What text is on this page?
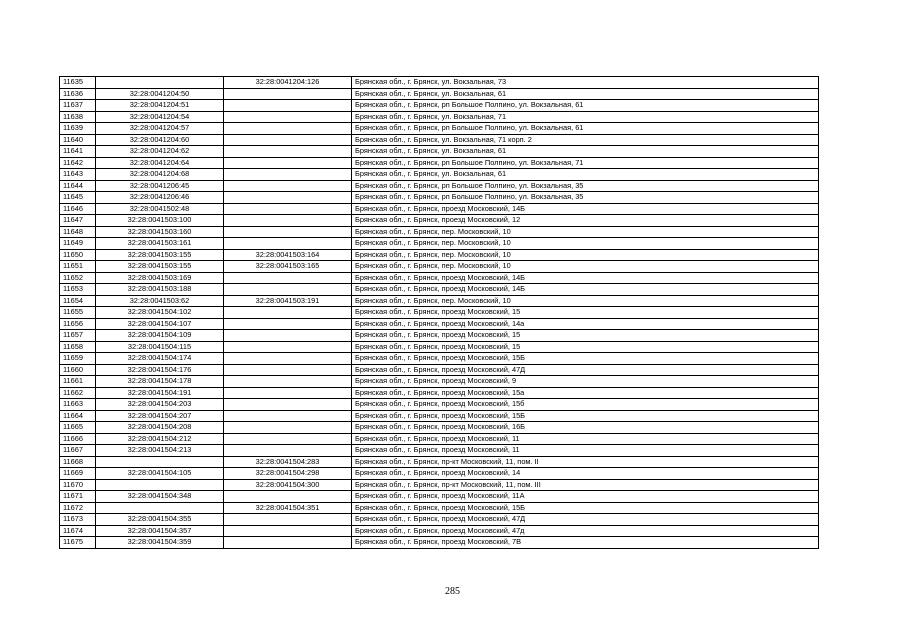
11635		32:28:0041204:126	Брянская обл., г. Брянск, ул. Вокзальная, 73
11636	32:28:0041204:50		Брянская обл., г. Брянск, ул. Вокзальная, 61
11637	32:28:0041204:51		Брянская обл., г. Брянск, рп Большое Полпино, ул. Вокзальная, 61
11638	32:28:0041204:54		Брянская обл., г. Брянск, ул. Вокзальная, 71
11639	32:28:0041204:57		Брянская обл., г. Брянск, рп Большое Полпино, ул. Вокзальная, 61
11640	32:28:0041204:60		Брянская обл., г. Брянск, ул. Вокзальная, 71 корп. 2
11641	32:28:0041204:62		Брянская обл., г. Брянск, ул. Вокзальная, 61
11642	32:28:0041204:64		Брянская обл., г. Брянск, рп Большое Полпино, ул. Вокзальная, 71
11643	32:28:0041204:68		Брянская обл., г. Брянск, ул. Вокзальная, 61
11644	32:28:0041206:45		Брянская обл., г. Брянск, рп Большое Полпино, ул. Вокзальная, 35
11645	32:28:0041206:46		Брянская обл., г. Брянск, рп Большое Полпино, ул. Вокзальная, 35
11646	32:28:0041502:48		Брянская обл., г. Брянск, проезд Московский, 14Б
11647	32:28:0041503:100		Брянская обл., г. Брянск, проезд Московский, 12
11648	32:28:0041503:160		Брянская обл., г. Брянск, пер. Московский, 10
11649	32:28:0041503:161		Брянская обл., г. Брянск, пер. Московский, 10
11650	32:28:0041503:155	32:28:0041503:164	Брянская обл., г. Брянск, пер. Московский, 10
11651	32:28:0041503:155	32:28:0041503:165	Брянская обл., г. Брянск, пер. Московский, 10
11652	32:28:0041503:169		Брянская обл., г. Брянск, проезд Московский, 14Б
11653	32:28:0041503:188		Брянская обл., г. Брянск, проезд Московский, 14Б
11654	32:28:0041503:62	32:28:0041503:191	Брянская обл., г. Брянск, пер. Московский, 10
11655	32:28:0041504:102		Брянская обл., г. Брянск, проезд Московский, 15
11656	32:28:0041504:107		Брянская обл., г. Брянск, проезд Московский, 14а
11657	32:28:0041504:109		Брянская обл., г. Брянск, проезд Московский, 15
11658	32:28:0041504:115		Брянская обл., г. Брянск, проезд Московский, 15
11659	32:28:0041504:174		Брянская обл., г. Брянск, проезд Московский, 15Б
11660	32:28:0041504:176		Брянская обл., г. Брянск, проезд Московский, 47Д
11661	32:28:0041504:178		Брянская обл., г. Брянск, проезд Московский, 9
11662	32:28:0041504:191		Брянская обл., г. Брянск, проезд Московский, 15а
11663	32:28:0041504:203		Брянская обл., г. Брянск, проезд Московский, 15б
11664	32:28:0041504:207		Брянская обл., г. Брянск, проезд Московский, 15Б
11665	32:28:0041504:208		Брянская обл., г. Брянск, проезд Московский, 16Б
11666	32:28:0041504:212		Брянская обл., г. Брянск, проезд Московский, 11
11667	32:28:0041504:213		Брянская обл., г. Брянск, проезд Московский, 11
11668		32:28:0041504:283	Брянская обл., г. Брянск, пр-кт Московский, 11, пом. II
11669	32:28:0041504:105	32:28:0041504:298	Брянская обл., г. Брянск, проезд Московский, 14
11670		32:28:0041504:300	Брянская обл., г. Брянск, пр-кт Московский, 11, пом. III
11671	32:28:0041504:348		Брянская обл., г. Брянск, проезд Московский, 11А
11672		32:28:0041504:351	Брянская обл., г. Брянск, проезд Московский, 15Б
11673	32:28:0041504:355		Брянская обл., г. Брянск, проезд Московский, 47Д
11674	32:28:0041504:357		Брянская обл., г. Брянск, проезд Московский, 47д
11675	32:28:0041504:359		Брянская обл., г. Брянск, проезд Московский, 7В
285
